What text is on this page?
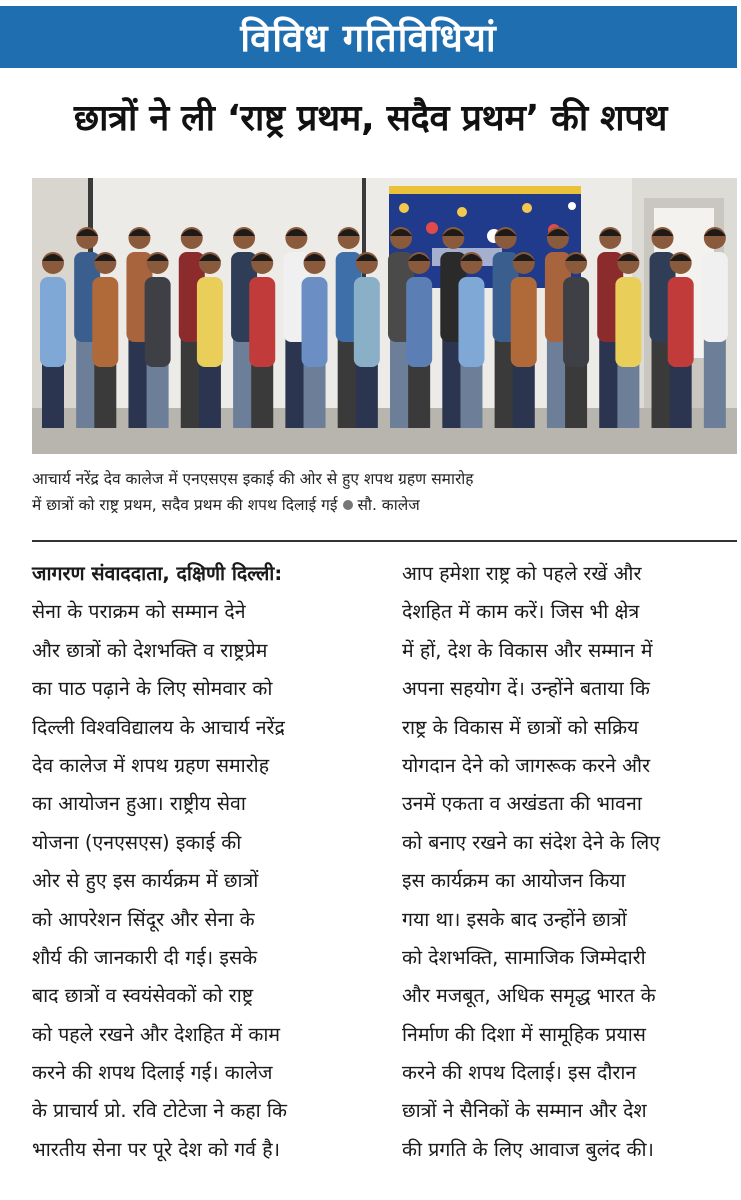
विविध गतिविधियां
छात्रों ने ली ‘राष्ट्र प्रथम, सदैव प्रथम’ की शपथ
आचार्य नरेंद्र देव कालेज में एनएसएस इकाई की ओर से हुए शपथ ग्रहण समारोह
में छात्रों को राष्ट्र प्रथम, सदैव प्रथम की शपथ दिलाई गई सौ. कालेज
जागरण संवाददाता, दक्षिणी दिल्ली:
सेना के पराक्रम को सम्मान देने
और छात्रों को देशभक्ति व राष्ट्रप्रेम
का पाठ पढ़ाने के लिए सोमवार को
दिल्ली विश्वविद्यालय के आचार्य नरेंद्र
देव कालेज में शपथ ग्रहण समारोह
का आयोजन हुआ। राष्ट्रीय सेवा
योजना (एनएसएस) इकाई की
ओर से हुए इस कार्यक्रम में छात्रों
को आपरेशन सिंदूर और सेना के
शौर्य की जानकारी दी गई। इसके
बाद छात्रों व स्वयंसेवकों को राष्ट्र
को पहले रखने और देशहित में काम
करने की शपथ दिलाई गई। कालेज
के प्राचार्य प्रो. रवि टोटेजा ने कहा कि
भारतीय सेना पर पूरे देश को गर्व है।
आप हमेशा राष्ट्र को पहले रखें और
देशहित में काम करें। जिस भी क्षेत्र
में हों, देश के विकास और सम्मान में
अपना सहयोग दें। उन्होंने बताया कि
राष्ट्र के विकास में छात्रों को सक्रिय
योगदान देने को जागरूक करने और
उनमें एकता व अखंडता की भावना
को बनाए रखने का संदेश देने के लिए
इस कार्यक्रम का आयोजन किया
गया था। इसके बाद उन्होंने छात्रों
को देशभक्ति, सामाजिक जिम्मेदारी
और मजबूत, अधिक समृद्ध भारत के
निर्माण की दिशा में सामूहिक प्रयास
करने की शपथ दिलाई। इस दौरान
छात्रों ने सैनिकों के सम्मान और देश
की प्रगति के लिए आवाज बुलंद की।
